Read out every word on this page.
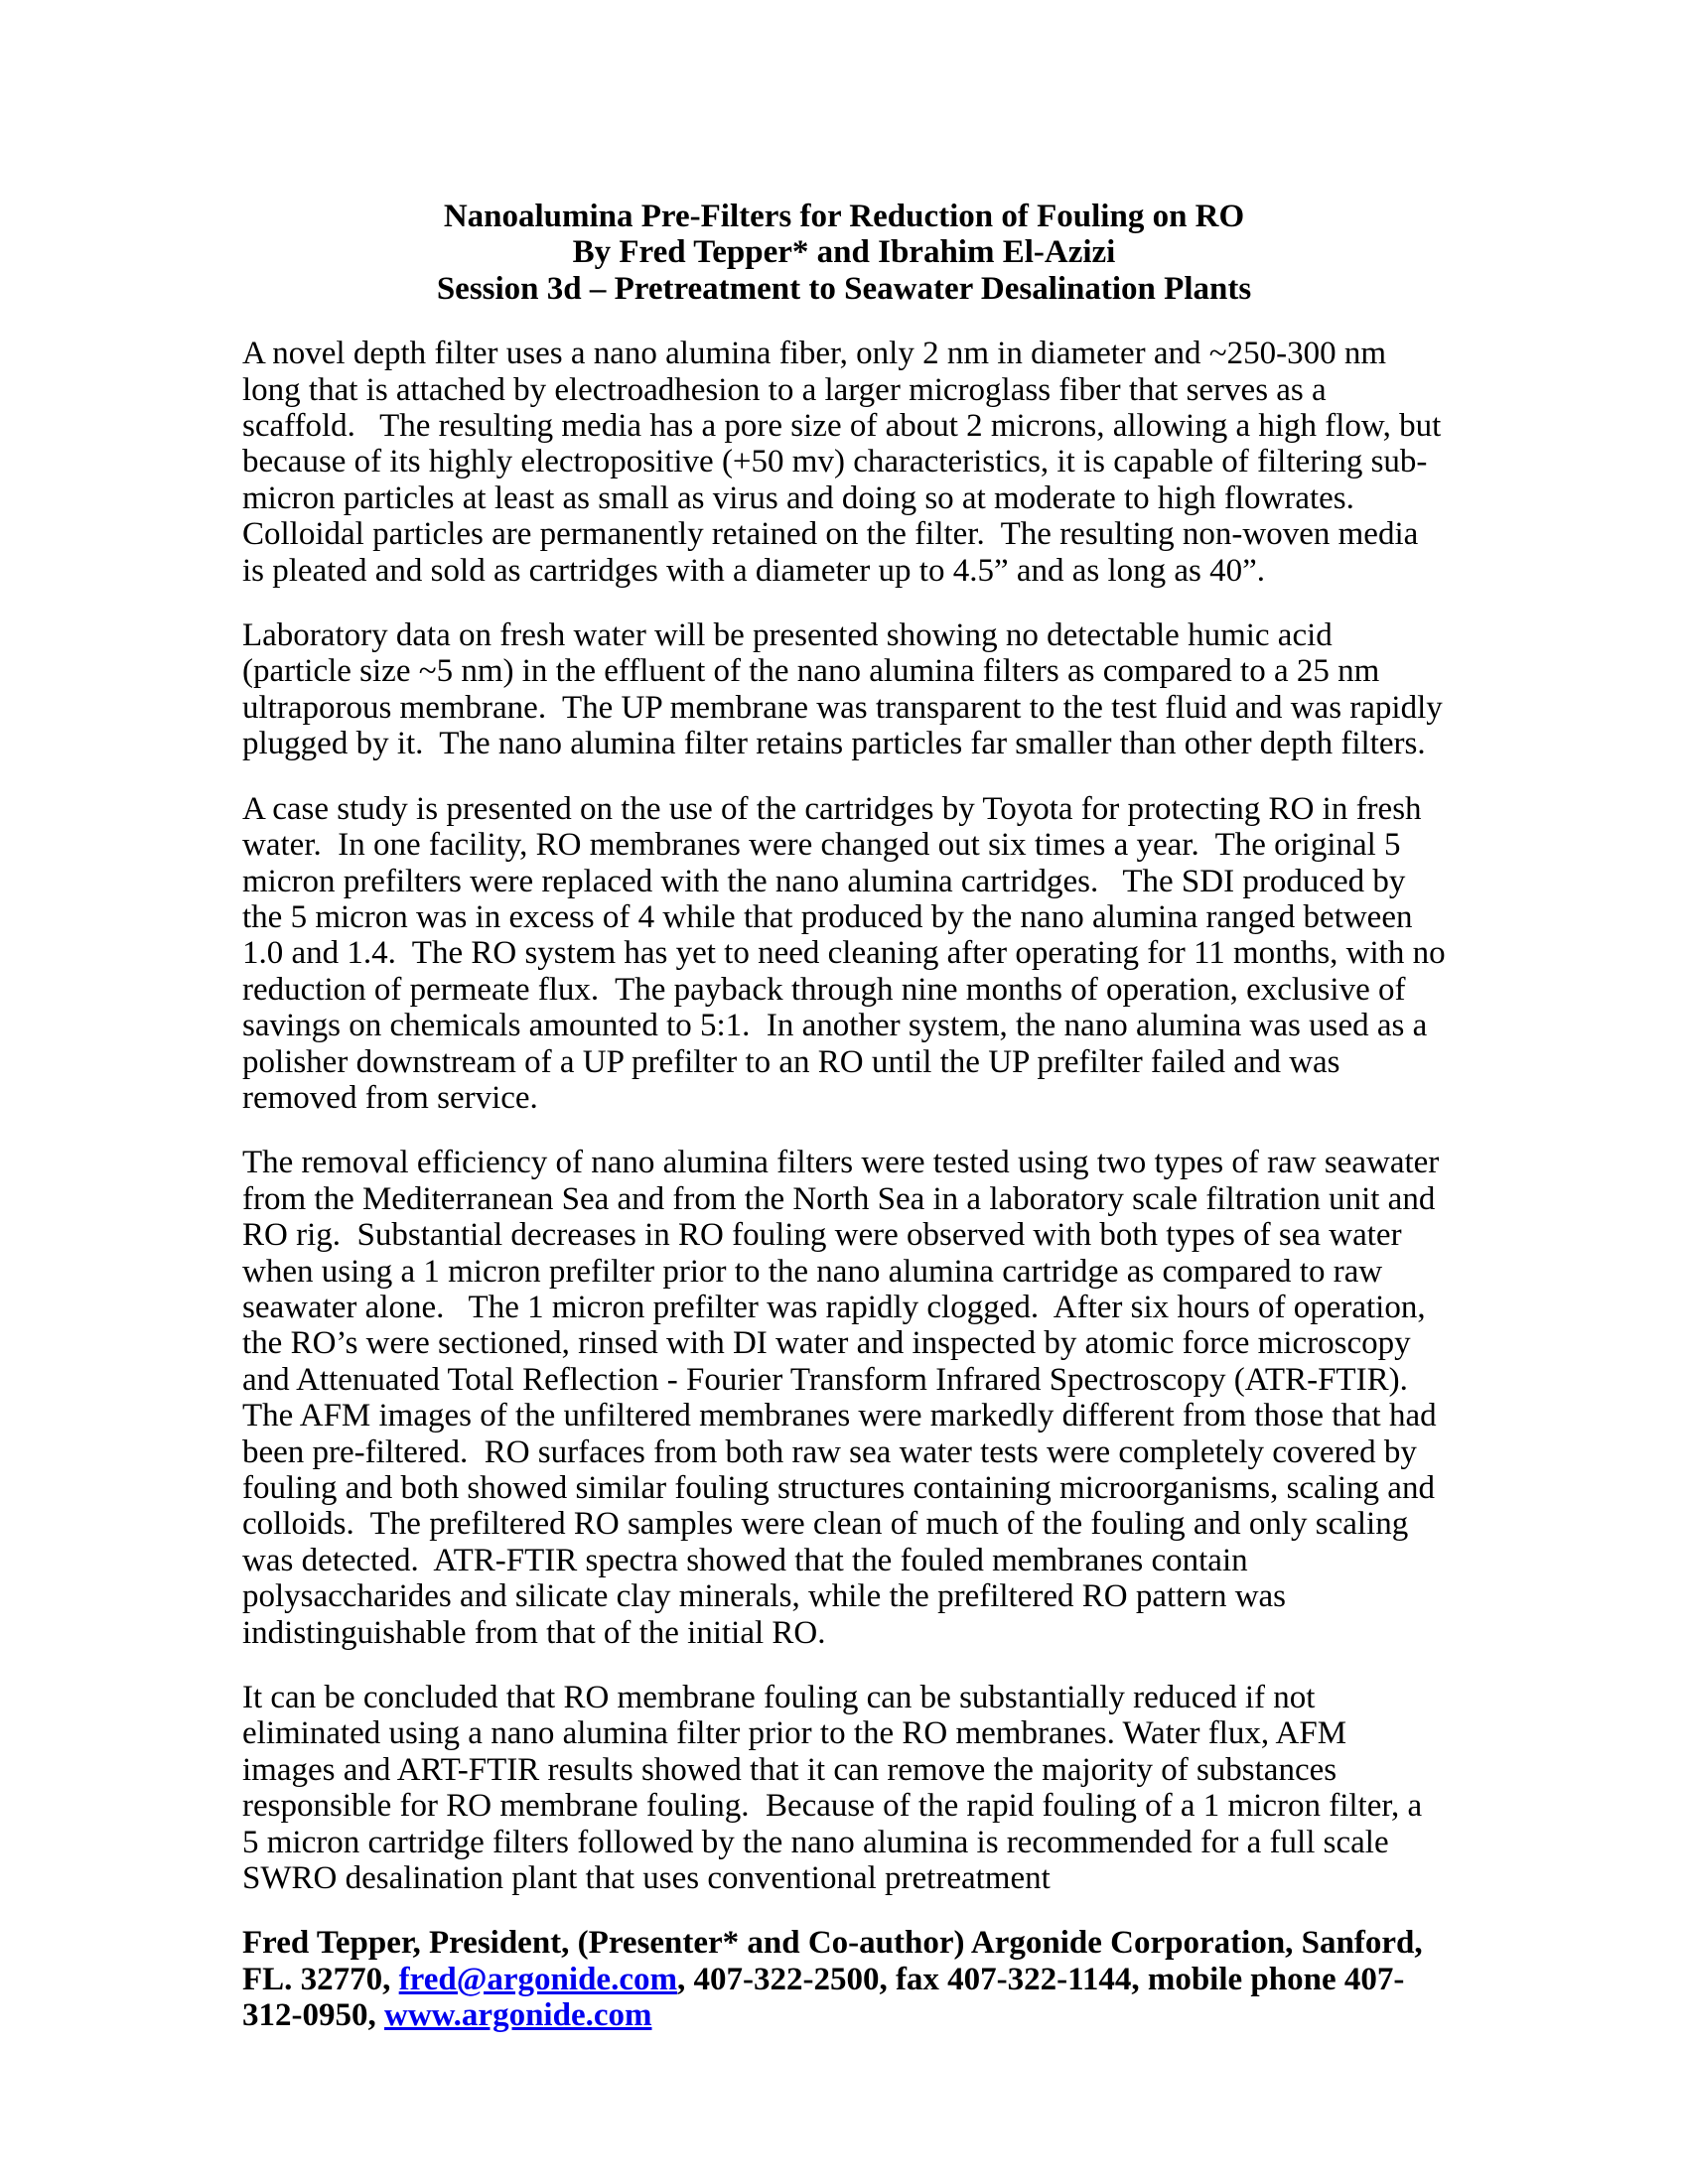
Nanoalumina Pre-Filters for Reduction of Fouling on RO
By Fred Tepper* and Ibrahim El-Azizi
Session 3d – Pretreatment to Seawater Desalination Plants

A novel depth filter uses a nano alumina fiber, only 2 nm in diameter and ~250-300 nm long that is attached by electroadhesion to a larger microglass fiber that serves as a scaffold.   The resulting media has a pore size of about 2 microns, allowing a high flow, but because of its highly electropositive (+50 mv) characteristics, it is capable of filtering sub-micron particles at least as small as virus and doing so at moderate to high flowrates.  Colloidal particles are permanently retained on the filter.  The resulting non-woven media is pleated and sold as cartridges with a diameter up to 4.5” and as long as 40”.

Laboratory data on fresh water will be presented showing no detectable humic acid (particle size ~5 nm) in the effluent of the nano alumina filters as compared to a 25 nm ultraporous membrane.  The UP membrane was transparent to the test fluid and was rapidly plugged by it.  The nano alumina filter retains particles far smaller than other depth filters.

A case study is presented on the use of the cartridges by Toyota for protecting RO in fresh water.  In one facility, RO membranes were changed out six times a year.  The original 5 micron prefilters were replaced with the nano alumina cartridges.   The SDI produced by the 5 micron was in excess of 4 while that produced by the nano alumina ranged between 1.0 and 1.4.  The RO system has yet to need cleaning after operating for 11 months, with no reduction of permeate flux.  The payback through nine months of operation, exclusive of savings on chemicals amounted to 5:1.  In another system, the nano alumina was used as a polisher downstream of a UP prefilter to an RO until the UP prefilter failed and was removed from service.

The removal efficiency of nano alumina filters were tested using two types of raw seawater from the Mediterranean Sea and from the North Sea in a laboratory scale filtration unit and RO rig.  Substantial decreases in RO fouling were observed with both types of sea water when using a 1 micron prefilter prior to the nano alumina cartridge as compared to raw seawater alone.   The 1 micron prefilter was rapidly clogged.  After six hours of operation, the RO’s were sectioned, rinsed with DI water and inspected by atomic force microscopy and Attenuated Total Reflection - Fourier Transform Infrared Spectroscopy (ATR-FTIR).  The AFM images of the unfiltered membranes were markedly different from those that had been pre-filtered.  RO surfaces from both raw sea water tests were completely covered by fouling and both showed similar fouling structures containing microorganisms, scaling and colloids.  The prefiltered RO samples were clean of much of the fouling and only scaling was detected.  ATR-FTIR spectra showed that the fouled membranes contain polysaccharides and silicate clay minerals, while the prefiltered RO pattern was indistinguishable from that of the initial RO.

It can be concluded that RO membrane fouling can be substantially reduced if not eliminated using a nano alumina filter prior to the RO membranes. Water flux, AFM images and ART-FTIR results showed that it can remove the majority of substances responsible for RO membrane fouling.  Because of the rapid fouling of a 1 micron filter, a 5 micron cartridge filters followed by the nano alumina is recommended for a full scale SWRO desalination plant that uses conventional pretreatment

Fred Tepper, President, (Presenter* and Co-author) Argonide Corporation, Sanford, FL. 32770, fred@argonide.com, 407-322-2500, fax 407-322-1144, mobile phone 407-312-0950, www.argonide.com
